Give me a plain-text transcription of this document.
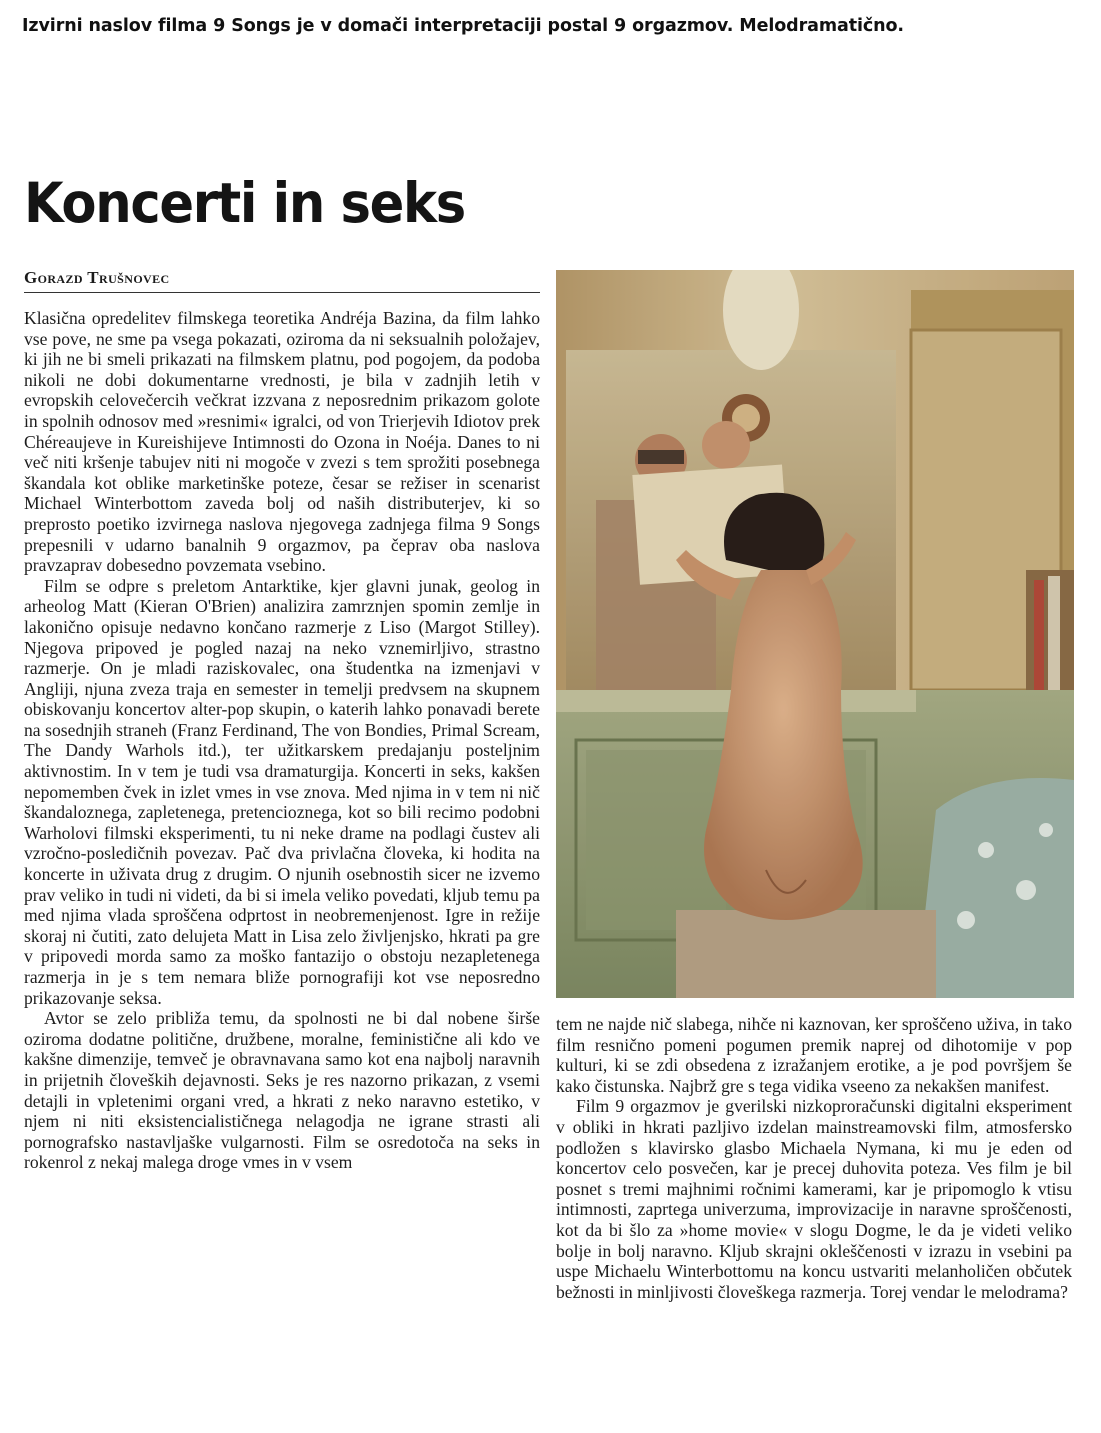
Izvirni naslov filma 9 Songs je v domači interpretaciji postal 9 orgazmov. Melodramatično.
Koncerti in seks
Gorazd Trušnovec
Klasična opredelitev filmskega teoretika Andréja Bazina, da film lahko vse pove, ne sme pa vsega pokazati, oziroma da ni seksualnih položajev, ki jih ne bi smeli prikazati na filmskem platnu, pod pogojem, da podoba nikoli ne dobi dokumentarne vrednosti, je bila v zadnjih letih v evropskih celovečercih večkrat izzvana z neposrednim prikazom golote in spolnih odnosov med »resnimi« igralci, od von Trierjevih Idiotov prek Chéreaujeve in Kureishijeve Intimnosti do Ozona in Noéja. Danes to ni več niti kršenje tabujev niti ni mogoče v zvezi s tem sprožiti posebnega škandala kot oblike marketinške poteze, česar se režiser in scenarist Michael Winterbottom zaveda bolj od naših distributerjev, ki so preprosto poetiko izvirnega naslova njegovega zadnjega filma 9 Songs prepesnili v udarno banalnih 9 orgazmov, pa čeprav oba naslova pravzaprav dobesedno povzemata vsebino.
Film se odpre s preletom Antarktike, kjer glavni junak, geolog in arheolog Matt (Kieran O'Brien) analizira zamrznjen spomin zemlje in lakonično opisuje nedavno končano razmerje z Liso (Margot Stilley). Njegova pripoved je pogled nazaj na neko vznemirljivo, strastno razmerje. On je mladi raziskovalec, ona študentka na izmenjavi v Angliji, njuna zveza traja en semester in temelji predvsem na skupnem obiskovanju koncertov alter-pop skupin, o katerih lahko ponavadi berete na sosednjih straneh (Franz Ferdinand, The von Bondies, Primal Scream, The Dandy Warhols itd.), ter užitkarskem predajanju posteljnim aktivnostim. In v tem je tudi vsa dramaturgija. Koncerti in seks, kakšen nepomemben čvek in izlet vmes in vse znova. Med njima in v tem ni nič škandaloznega, zapletenega, pretencioznega, kot so bili recimo podobni Warholovi filmski eksperimenti, tu ni neke drame na podlagi čustev ali vzročno-posledičnih povezav. Pač dva privlačna človeka, ki hodita na koncerte in uživata drug z drugim. O njunih osebnostih sicer ne izvemo prav veliko in tudi ni videti, da bi si imela veliko povedati, kljub temu pa med njima vlada sproščena odprtost in neobremenjenost. Igre in režije skoraj ni čutiti, zato delujeta Matt in Lisa zelo življenjsko, hkrati pa gre v pripovedi morda samo za moško fantazijo o obstoju nezapletenega razmerja in je s tem nemara bliže pornografiji kot vse neposredno prikazovanje seksa.
Avtor se zelo približa temu, da spolnosti ne bi dal nobene širše oziroma dodatne politične, družbene, moralne, feministične ali kdo ve kakšne dimenzije, temveč je obravnavana samo kot ena najbolj naravnih in prijetnih človeških dejavnosti. Seks je res nazorno prikazan, z vsemi detajli in vpletenimi organi vred, a hkrati z neko naravno estetiko, v njem ni niti eksistencialističnega nelagodja ne igrane strasti ali pornografsko nastavljaške vulgarnosti. Film se osredotoča na seks in rokenrol z nekaj malega droge vmes in v vsem
tem ne najde nič slabega, nihče ni kaznovan, ker sproščeno uživa, in tako film resnično pomeni pogumen premik naprej od dihotomije v pop kulturi, ki se zdi obsedena z izražanjem erotike, a je pod površjem še kako čistunska. Najbrž gre s tega vidika vseeno za nekakšen manifest.
Film 9 orgazmov je gverilski nizkoproračunski digitalni eksperiment v obliki in hkrati pazljivo izdelan mainstreamovski film, atmosfersko podložen s klavirsko glasbo Michaela Nymana, ki mu je eden od koncertov celo posvečen, kar je precej duhovita poteza. Ves film je bil posnet s tremi majhnimi ročnimi kamerami, kar je pripomoglo k vtisu intimnosti, zaprtega univerzuma, improvizacije in naravne sproščenosti, kot da bi šlo za »home movie« v slogu Dogme, le da je videti veliko bolje in bolj naravno. Kljub skrajni okleščenosti v izrazu in vsebini pa uspe Michaelu Winterbottomu na koncu ustvariti melanholičen občutek bežnosti in minljivosti človeškega razmerja. Torej vendar le melodrama?
